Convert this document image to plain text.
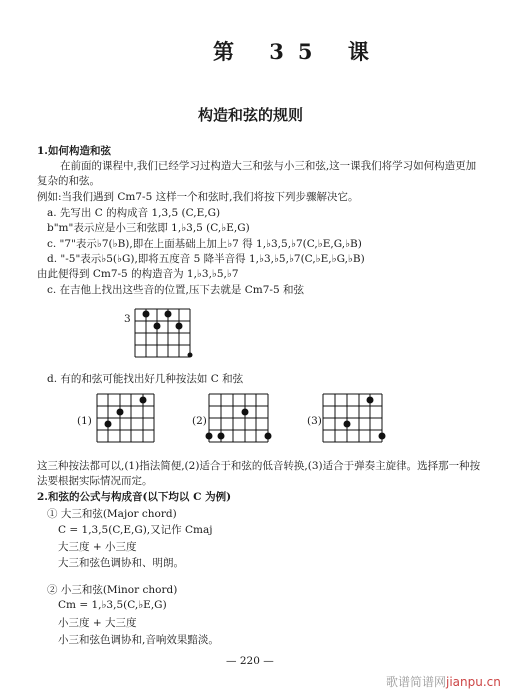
第 35 课
构造和弦的规则
1.如何构造和弦
在前面的课程中,我们已经学习过构造大三和弦与小三和弦,这一课我们将学习如何构造更加
复杂的和弦。
例如:当我们遇到 Cm7-5 这样一个和弦时,我们将按下列步骤解决它。
a. 先写出 C 的构成音 1,3,5 (C,E,G)
b"m"表示应是小三和弦即 1,♭3,5 (C,♭E,G)
c. "7"表示♭7(♭B),即在上面基础上加上♭7 得 1,♭3,5,♭7(C,♭E,G,♭B)
d. "-5"表示♭5(♭G),即将五度音 5 降半音得 1,♭3,♭5,♭7(C,♭E,♭G,♭B)
由此便得到 Cm7-5 的构造音为 1,♭3,♭5,♭7
c. 在吉他上找出这些音的位置,压下去就是 Cm7-5 和弦
3
d. 有的和弦可能找出好几种按法如 C 和弦
(1)	(2)	(3)
这三种按法都可以,(1)指法简便,(2)适合于和弦的低音转换,(3)适合于弹奏主旋律。选择那一种按
法要根据实际情况而定。
2.和弦的公式与构成音(以下均以 C 为例)
① 大三和弦(Major chord)
C = 1,3,5(C,E,G),又记作 Cmaj
大三度 + 小三度
大三和弦色调协和、明朗。
② 小三和弦(Minor chord)
Cm = 1,♭3,5(C,♭E,G)
小三度 + 大三度
小三和弦色调协和,音响效果黯淡。
— 220 —
歌谱简谱网jianpu.cn
